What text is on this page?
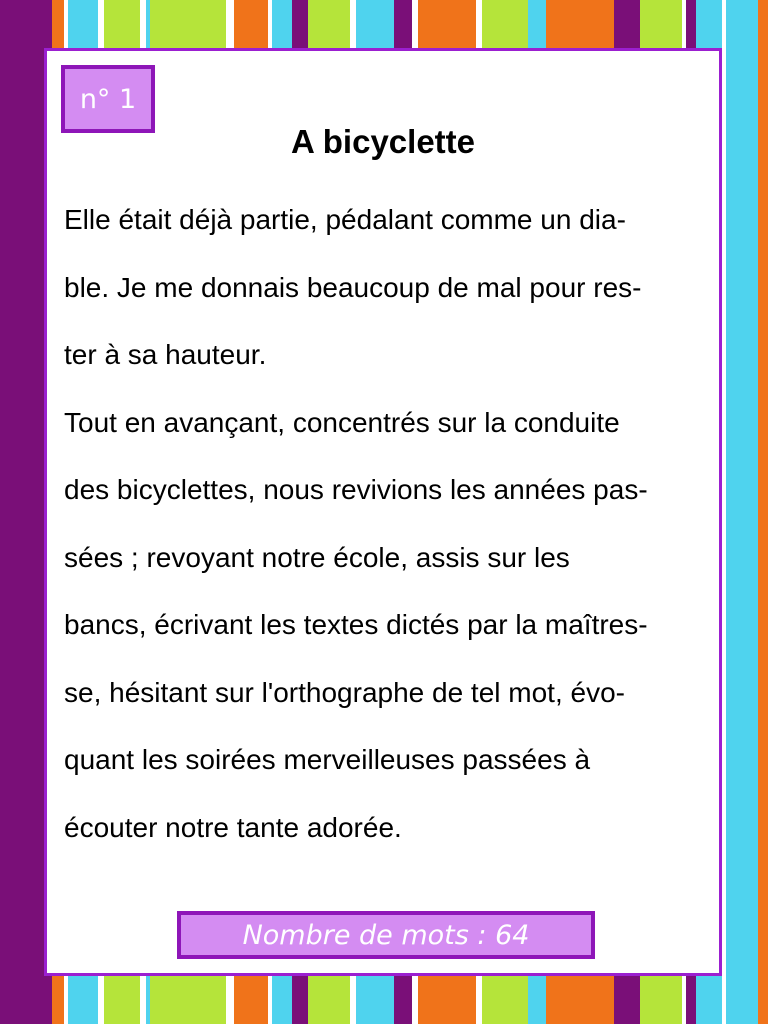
n° 1
A bicyclette
Elle était déjà partie, pédalant comme un dia-
ble. Je me donnais beaucoup de mal pour res-
ter à sa hauteur.
Tout en avançant, concentrés sur la conduite
des bicyclettes, nous revivions les années pas-
sées ; revoyant notre école, assis sur les
bancs, écrivant les textes dictés par la maîtres-
se, hésitant sur l'orthographe de tel mot, évo-
quant les soirées merveilleuses passées à
écouter notre tante adorée.
Nombre de mots : 64
